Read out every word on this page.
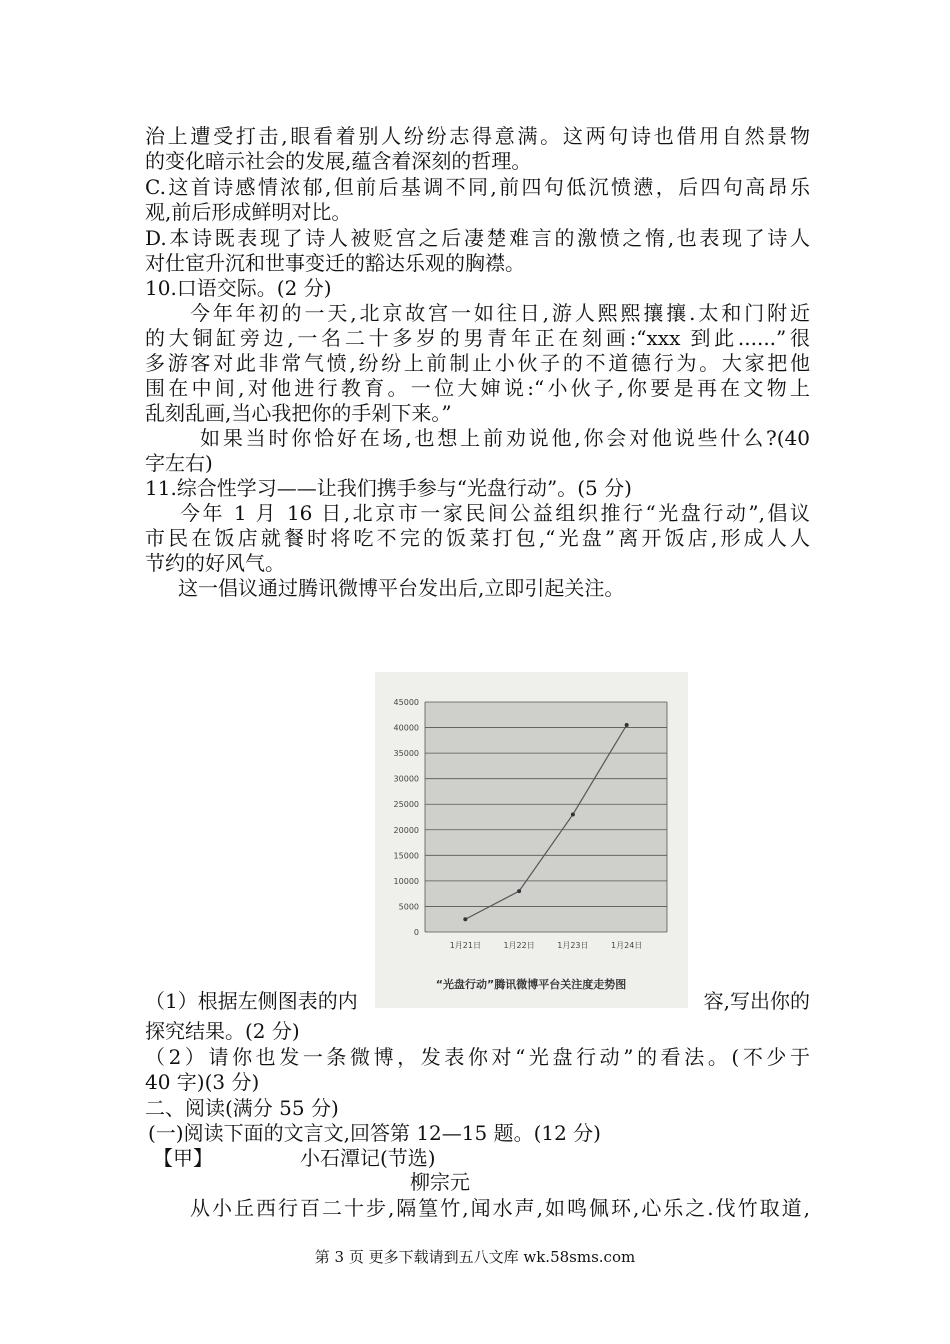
治上遭受打击,眼看着别人纷纷志得意满。这两句诗也借用自然景物
的变化暗示社会的发展,蕴含着深刻的哲理。
C.这首诗感情浓郁,但前后基调不同,前四句低沉愤懑，后四句高昂乐
观,前后形成鲜明对比。
D.本诗既表现了诗人被贬宫之后凄楚难言的激愤之惰,也表现了诗人
对仕宦升沉和世事变迁的豁达乐观的胸襟。
10.口语交际。(2 分)
今年年初的一天,北京故宫一如往日,游人熙熙攘攘.太和门附近
的大铜缸旁边,一名二十多岁的男青年正在刻画:“xxx 到此......”很
多游客对此非常气愤,纷纷上前制止小伙子的不道德行为。大家把他
围在中间,对他进行教育。一位大婶说:“小伙子,你要是再在文物上
乱刻乱画,当心我把你的手剁下来。”
如果当时你恰好在场,也想上前劝说他,你会对他说些什么?(40
字左右)
11.综合性学习——让我们携手参与“光盘行动”。(5 分)
今年 1 月 16 日,北京市一家民间公益组织推行“光盘行动”,倡议
市民在饭店就餐时将吃不完的饭菜打包,“光盘”离开饭店,形成人人
节约的好风气。
这一倡议通过腾讯微博平台发出后,立即引起关注。
0
5000
10000
15000
20000
25000
30000
35000
40000
45000
1月21日	1月22日	1月23日	1月24日
“光盘行动”腾讯微博平台关注度走势图
（1）根据左侧图表的内	容,写出你的
探究结果。(2 分)
（2）请你也发一条微博，发表你对“光盘行动”的看法。(不少于
40 字)(3 分)
二、阅读(满分 55 分)
(一)阅读下面的文言文,回答第 12—15 题。(12 分)
【甲】	小石潭记(节选)
柳宗元
从小丘西行百二十步,隔篁竹,闻水声,如鸣佩环,心乐之.伐竹取道,
第 3 页 更多下载请到五八文库 wk.58sms.com
